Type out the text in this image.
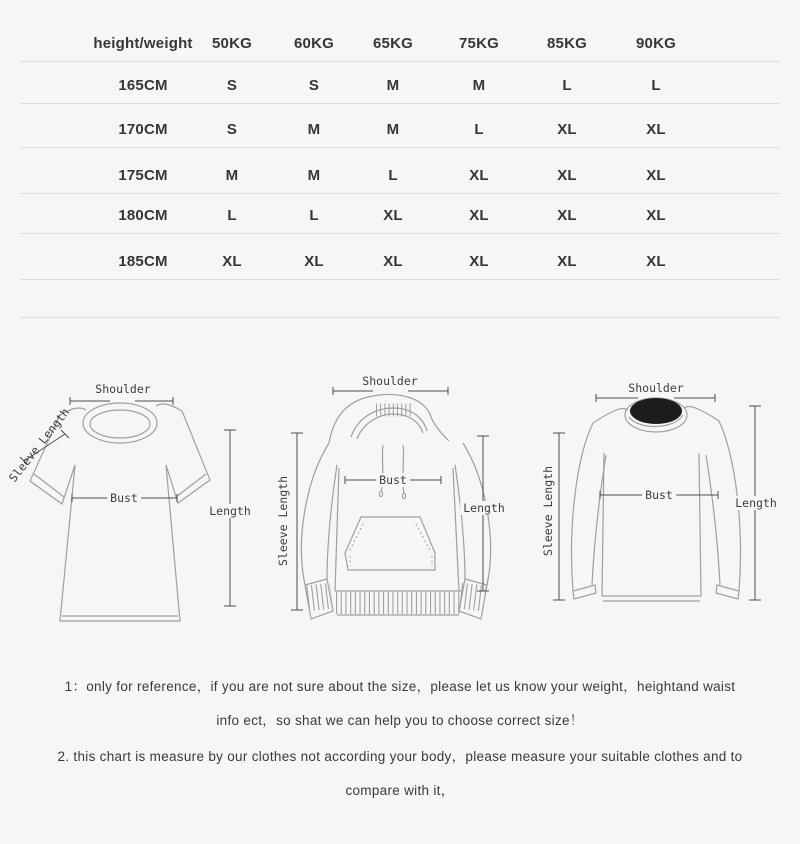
height/weight 50KG	60KG	65KG	75KG	85KG	90KG
165CM	S	S	M	M	L	L
170CM	S	M	M	L	XL	XL
175CM	M	M	L	XL	XL	XL
180CM	L	L	XL	XL	XL	XL
185CM	XL	XL	XL	XL	XL	XL
Shoulder
Sleeve Length
Bust
Length
Shoulder
Sleeve Length	Bust
Length
Shoulder
Sleeve Length	Bust
Length
1：only for reference，if you are not sure about the size，please let us know your weight，heightand waist
info ect，so shat we can help you to choose correct size！
2. this chart is measure by our clothes not according your body，please measure your suitable clothes and to
compare with it，
